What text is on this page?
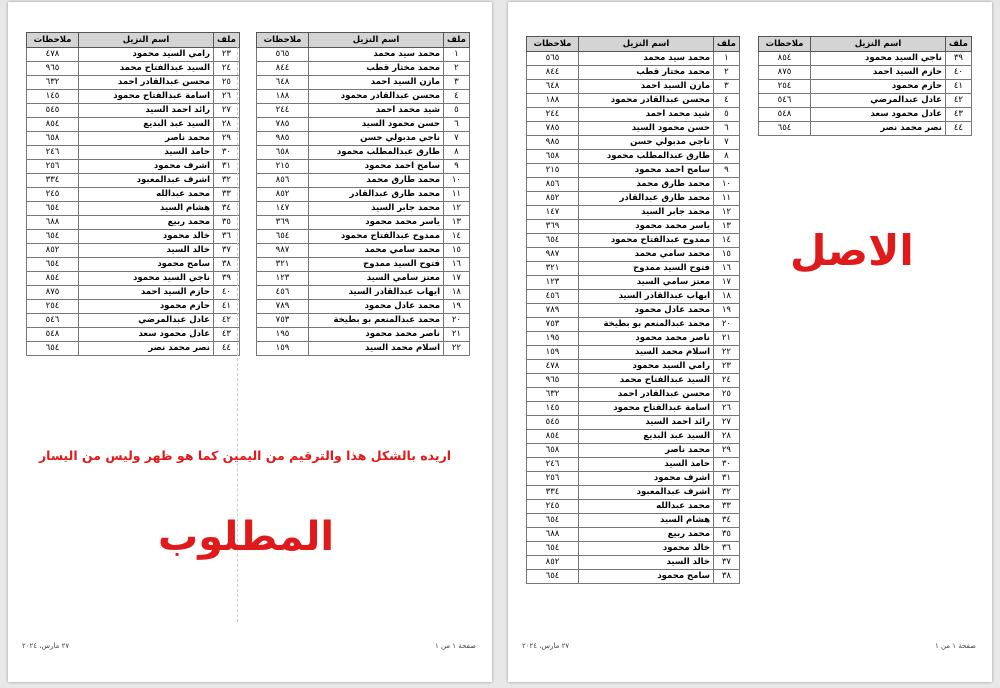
ملف	اسم النزيل	ملاحظات
١	محمد سيد محمد	٥٦٥
٢	محمد مختار قطب	٨٤٤
٣	مازن السيد احمد	٦٤٨
٤	محسن عبدالقادر محمود	١٨٨
٥	شيد محمد احمد	٢٤٤
٦	حسن محمود السيد	٧٨٥
٧	ناجي مدبولي حسن	٩٨٥
٨	طارق عبدالمطلب محمود	٦٥٨
٩	سامح احمد محمود	٢١٥
١٠	محمد طارق محمد	٨٥٦
١١	محمد طارق عبدالقادر	٨٥٢
١٢	محمد جابر السيد	١٤٧
١٣	ياسر محمد محمود	٣٦٩
١٤	ممدوح عبدالفتاح محمود	٦٥٤
١٥	محمد سامي محمد	٩٨٧
١٦	فتوح السيد ممدوح	٣٢١
١٧	معتز سامي السيد	١٢٣
١٨	ايهاب عبدالقادر السيد	٤٥٦
١٩	محمد عادل محمود	٧٨٩
٢٠	محمد عبدالمنعم بو بطيخة	٧٥٣
٢١	ناصر محمد محمود	١٩٥
٢٢	اسلام محمد السيد	١٥٩
ملف	اسم النزيل	ملاحظات
٢٣	رامي السيد محمود	٤٧٨
٢٤	السيد عبدالفتاح محمد	٩٦٥
٢٥	محسن عبدالقادر احمد	٦٣٢
٢٦	اسامة عبدالفتاح محمود	١٤٥
٢٧	رائد احمد السيد	٥٤٥
٢٨	السيد عبد البديع	٨٥٤
٢٩	محمد ناصر	٦٥٨
٣٠	حامد السيد	٢٤٦
٣١	اشرف محمود	٢٥٦
٣٢	اشرف عبدالمعبود	٣٣٤
٣٣	محمد عبدالله	٢٤٥
٣٤	هشام السيد	٦٥٤
٣٥	محمد ربيع	٦٨٨
٣٦	خالد محمود	٦٥٤
٣٧	خالد السيد	٨٥٢
٣٨	سامح محمود	٦٥٤
٣٩	ناجي السيد محمود	٨٥٤
٤٠	حازم السيد احمد	٨٧٥
٤١	حازم محمود	٢٥٤
٤٢	عادل عبدالمرضي	٥٤٦
٤٣	عادل محمود سعد	٥٤٨
٤٤	نصر محمد نصر	٦٥٤
اريده بالشكل هذا والترقيم من اليمين كما هو ظهر وليس من اليسار
المطلوب
٢٧ مارس، ٢٠٢٤	صفحة ١ من ١
ملف	اسم النزيل	ملاحظات
١	محمد سيد محمد	٥٦٥
٢	محمد مختار قطب	٨٤٤
٣	مازن السيد احمد	٦٤٨
٤	محسن عبدالقادر محمود	١٨٨
٥	شيد محمد احمد	٢٤٤
٦	حسن محمود السيد	٧٨٥
٧	ناجي مدبولي حسن	٩٨٥
٨	طارق عبدالمطلب محمود	٦٥٨
٩	سامح احمد محمود	٢١٥
١٠	محمد طارق محمد	٨٥٦
١١	محمد طارق عبدالقادر	٨٥٢
١٢	محمد جابر السيد	١٤٧
١٣	ياسر محمد محمود	٣٦٩
١٤	ممدوح عبدالفتاح محمود	٦٥٤
١٥	محمد سامي محمد	٩٨٧
١٦	فتوح السيد ممدوح	٣٢١
١٧	معتز سامي السيد	١٢٣
١٨	ايهاب عبدالقادر السيد	٤٥٦
١٩	محمد عادل محمود	٧٨٩
٢٠	محمد عبدالمنعم بو بطيخة	٧٥٣
٢١	ناصر محمد محمود	١٩٥
٢٢	اسلام محمد السيد	١٥٩
٢٣	رامي السيد محمود	٤٧٨
٢٤	السيد عبدالفتاح محمد	٩٦٥
٢٥	محسن عبدالقادر احمد	٦٣٢
٢٦	اسامة عبدالفتاح محمود	١٤٥
٢٧	رائد احمد السيد	٥٤٥
٢٨	السيد عبد البديع	٨٥٤
٢٩	محمد ناصر	٦٥٨
٣٠	حامد السيد	٢٤٦
٣١	اشرف محمود	٢٥٦
٣٢	اشرف عبدالمعبود	٣٣٤
٣٣	محمد عبدالله	٢٤٥
٣٤	هشام السيد	٦٥٤
٣٥	محمد ربيع	٦٨٨
٣٦	خالد محمود	٦٥٤
٣٧	خالد السيد	٨٥٢
٣٨	سامح محمود	٦٥٤
ملف	اسم النزيل	ملاحظات
٣٩	ناجي السيد محمود	٨٥٤
٤٠	حازم السيد احمد	٨٧٥
٤١	حازم محمود	٢٥٤
٤٢	عادل عبدالمرضي	٥٤٦
٤٣	عادل محمود سعد	٥٤٨
٤٤	نصر محمد نصر	٦٥٤
٢٧ مارس، ٢٠٢٤	صفحة ١ من ١
الاصل
